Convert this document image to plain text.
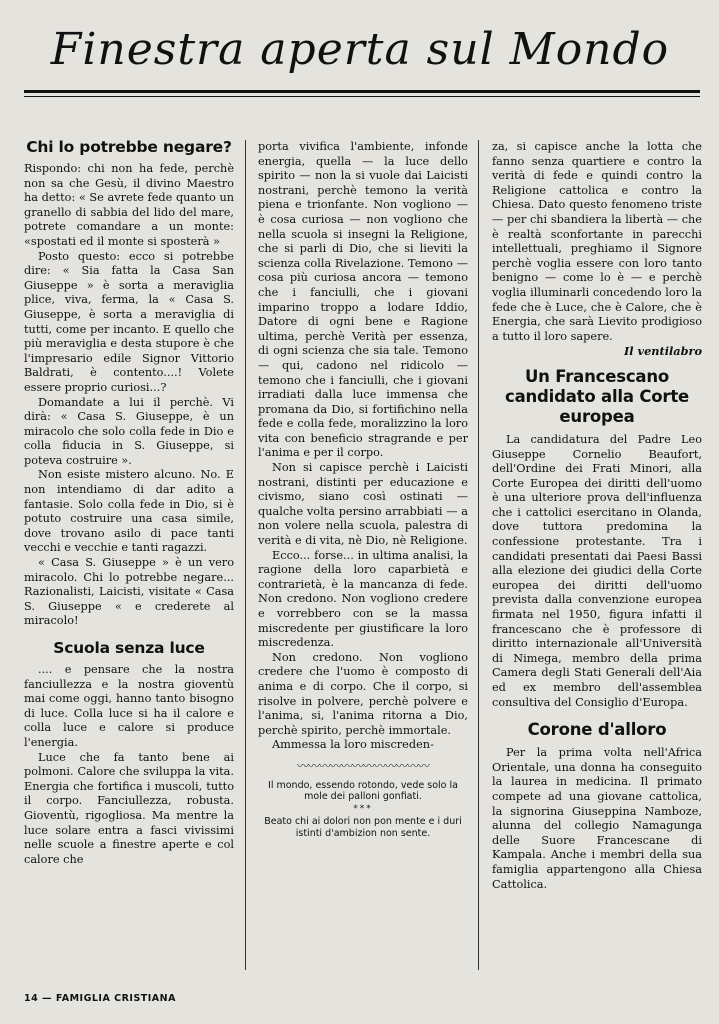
Finestra aperta sul Mondo
Chi lo potrebbe negare?

Rispondo: chi non ha fede, perchè non sa che Gesù, il divino Maestro ha detto: « Se avrete fede quanto un granello di sabbia del lido del mare, potrete comandare a un monte: «spostati ed il monte si sposterà »

Posto questo: ecco si potrebbe dire: « Sia fatta la Casa San Giuseppe » è sorta a meraviglia plice, viva, ferma, la « Casa S. Giuseppe, è sorta a meraviglia di tutti, come per incanto. E quello che più meraviglia e desta stupore è che l'impresario edile Signor Vittorio Baldrati, è contento....! Volete essere proprio curiosi...?

Domandate a lui il perchè. Vi dirà: « Casa S. Giuseppe, è un miracolo che solo colla fede in Dio e colla fiducia in S. Giuseppe, si poteva costruire ».

Non esiste mistero alcuno. No. E non intendiamo di dar adito a fantasie. Solo colla fede in Dio, si è potuto costruire una casa simile, dove trovano asilo di pace tanti vecchi e vecchie e tanti ragazzi.

« Casa S. Giuseppe » è un vero miracolo. Chi lo potrebbe negare... Razionalisti, Laicisti, visitate « Casa S. Giuseppe « e crederete al miracolo!

Scuola senza luce

.... e pensare che la nostra fanciullezza e la nostra gioventù mai come oggi, hanno tanto bisogno di luce. Colla luce si ha il calore e colla luce e calore si produce l'energia.

Luce che fa tanto bene ai polmoni. Calore che sviluppa la vita. Energia che fortifica i muscoli, tutto il corpo. Fanciullezza, robusta. Gioventù, rigogliosa. Ma mentre la luce solare entra a fasci vivissimi nelle scuole a finestre aperte e col calore che

porta vivifica l'ambiente, infonde energia, quella — la luce dello spirito — non la si vuole dai Laicisti nostrani, perchè temono la verità piena e trionfante. Non vogliono — è cosa curiosa — non vogliono che nella scuola si insegni la Religione, che si parli di Dio, che si lieviti la scienza colla Rivelazione. Temono — cosa più curiosa ancora — temono che i fanciulli, che i giovani imparino troppo a lodare Iddio, Datore di ogni bene e Ragione ultima, perchè Verità per essenza, di ogni scienza che sia tale. Temono — qui, cadono nel ridicolo — temono che i fanciulli, che i giovani irradiati dalla luce immensa che promana da Dio, si fortifichino nella fede e colla fede, moralizzino la loro vita con beneficio stragrande e per l'anima e per il corpo.

Non si capisce perchè i Laicisti nostrani, distinti per educazione e civismo, siano così ostinati — qualche volta persino arrabbiati — a non volere nella scuola, palestra di verità e di vita, nè Dio, nè Religione.

Ecco... forse... in ultima analisi, la ragione della loro caparbietà e contrarietà, è la mancanza di fede. Non credono. Non vogliono credere e vorrebbero con se la massa miscredente per giustificare la loro miscredenza.

Non credono. Non vogliono credere che l'uomo è composto di anima e di corpo. Che il corpo, si risolve in polvere, perchè polvere e l'anima, si, l'anima ritorna a Dio, perchè spirito, perchè immortale.

Ammessa la loro miscreden-

〰〰〰〰〰〰〰〰〰〰〰〰
Il mondo, essendo rotondo, vede solo la mole dei palloni gonfiati.
***
Beato chi ai dolori non pon mente e i duri istinti d'ambizion non sente.

za, si capisce anche la lotta che fanno senza quartiere e contro la verità di fede e quindi contro la Religione cattolica e contro la Chiesa. Dato questo fenomeno triste — per chi sbandiera la libertà — che è realtà sconfortante in parecchi intellettuali, preghiamo il Signore perchè voglia essere con loro tanto benigno — come lo è — e perchè voglia illuminarli concedendo loro la fede che è Luce, che è Calore, che è Energia, che sarà Lievito prodigioso a tutto il loro sapere.

Il ventilabro

Un Francescano candidato alla Corte europea

La candidatura del Padre Leo Giuseppe Cornelio Beaufort, dell'Ordine dei Frati Minori, alla Corte Europea dei diritti dell'uomo è una ulteriore prova dell'influenza che i cattolici esercitano in Olanda, dove tuttora predomina la confessione protestante. Tra i candidati presentati dai Paesi Bassi alla elezione dei giudici della Corte europea dei diritti dell'uomo prevista dalla convenzione europea firmata nel 1950, figura infatti il francescano che è professore di diritto internazionale all'Università di Nimega, membro della prima Camera degli Stati Generali dell'Aia ed ex membro dell'assemblea consultiva del Consiglio d'Europa.

Corone d'alloro

Per la prima volta nell'Africa Orientale, una donna ha conseguito la laurea in medicina. Il primato compete ad una giovane cattolica, la signorina Giuseppina Namboze, alunna del collegio Namagunga delle Suore Francescane di Kampala. Anche i membri della sua famiglia appartengono alla Chiesa Cattolica.

14 — FAMIGLIA CRISTIANA
